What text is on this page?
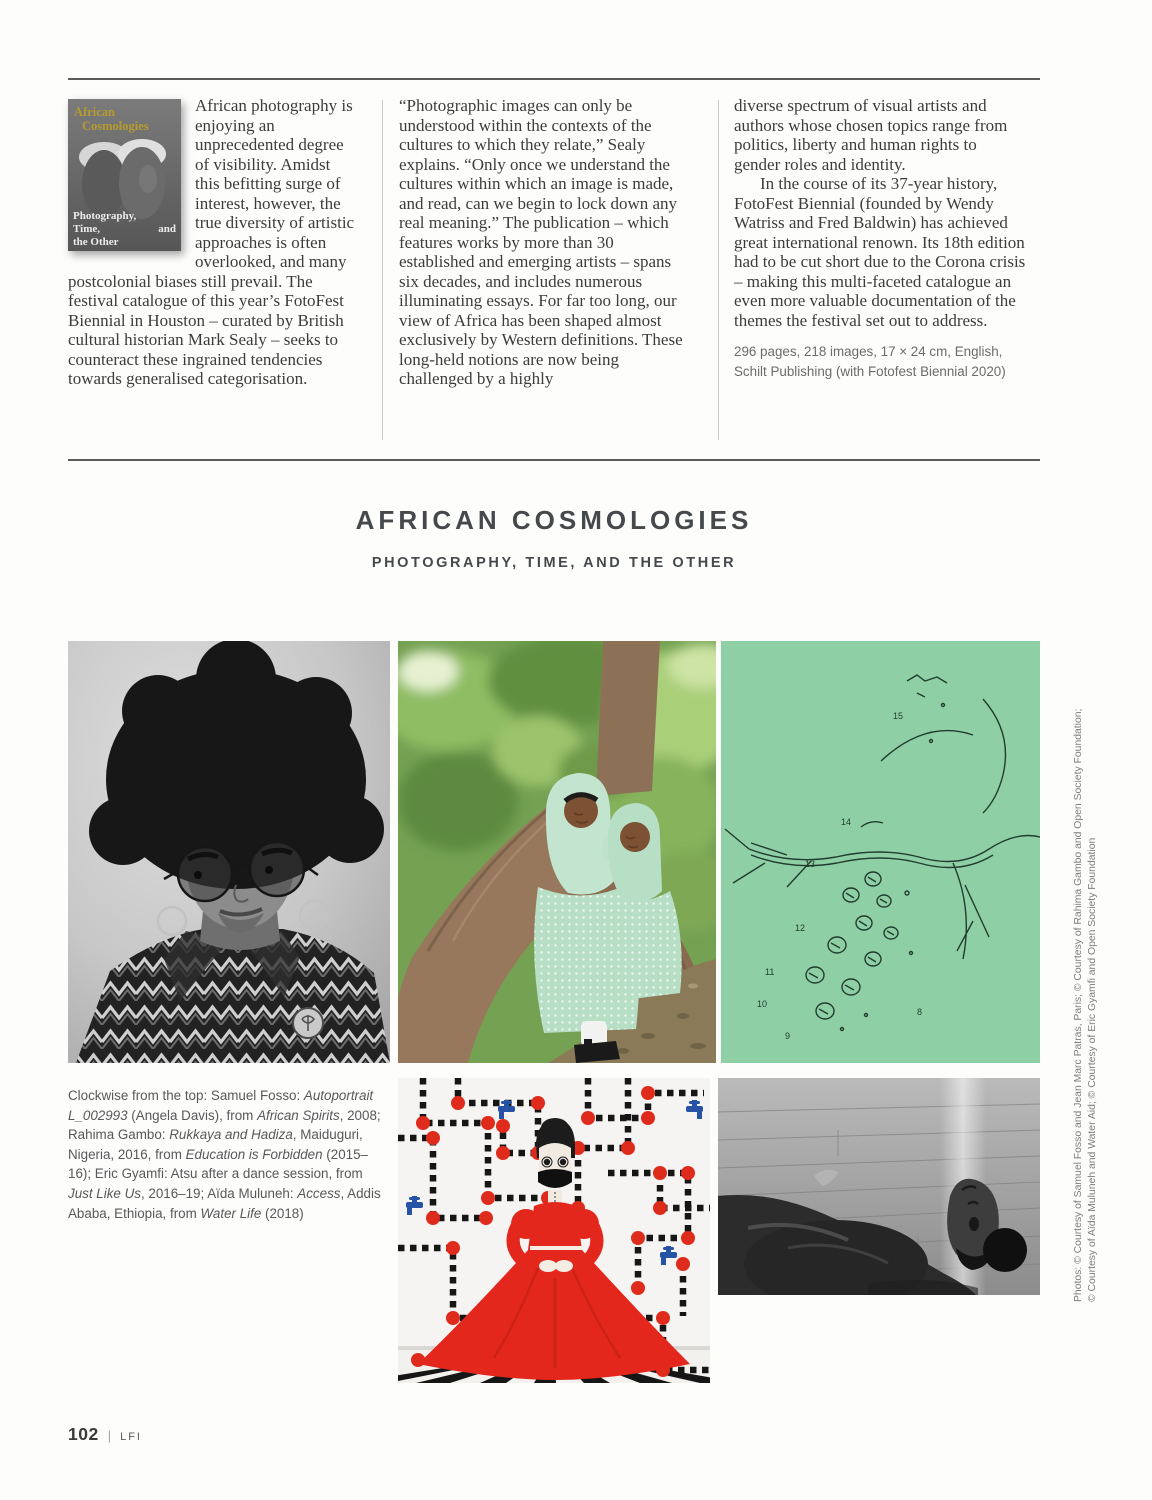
African
Cosmologies
Photography,
Time,	and
the Other
African photography is enjoying an unprecedented degree of visibility. Amidst this befitting surge of interest, however, the true diversity of artistic approaches is often overlooked, and many postcolonial biases still prevail. The festival catalogue of this year’s FotoFest Biennial in Houston – curated by British cultural historian Mark Sealy – seeks to counteract these ingrained tendencies towards generalised categorisation.
“Photographic images can only be understood within the contexts of the cultures to which they relate,” Sealy explains. “Only once we understand the cultures within which an image is made, and read, can we begin to lock down any real meaning.” The publication – which features works by more than 30 established and emerging artists – spans six decades, and includes numerous illuminating essays. For far too long, our view of Africa has been shaped almost exclusively by Western definitions. These long-held notions are now being challenged by a highly

diverse spectrum of visual artists and authors whose chosen topics range from politics, liberty and human rights to gender roles and identity.

In the course of its 37-year history, FotoFest Biennial (founded by Wendy Watriss and Fred Baldwin) has achieved great international renown. Its 18th edition had to be cut short due to the Corona crisis – making this multi-faceted catalogue an even more valuable documentation of the themes the festival set out to address.

296 pages, 218 images, 17 × 24 cm, English, Schilt Publishing (with Fotofest Biennial 2020)

AFRICAN COSMOLOGIES
PHOTOGRAPHY, TIME, AND THE OTHER
15
14
13
12
11
10
9
8

Clockwise from the top: Samuel Fosso: Autoportrait L_002993 (Angela Davis), from African Spirits, 2008; Rahima Gambo: Rukkaya and Hadiza, Maiduguri, Nigeria, 2016, from Education is Forbidden (2015–16); Eric Gyamfi: Atsu after a dance session, from Just Like Us, 2016–19; Aïda Muluneh: Access, Addis Ababa, Ethiopia, from Water Life (2018)	Photos: © Courtesy of Samuel Fosso and Jean Marc Patras, Paris; © Courtesy of Rahima Gambo and Open Society Foundation; © Courtesy of Aïda Muluneh and Water Aid; © Courtesy of Eric Gyamfi and Open Society Foundation
102 | LFI
